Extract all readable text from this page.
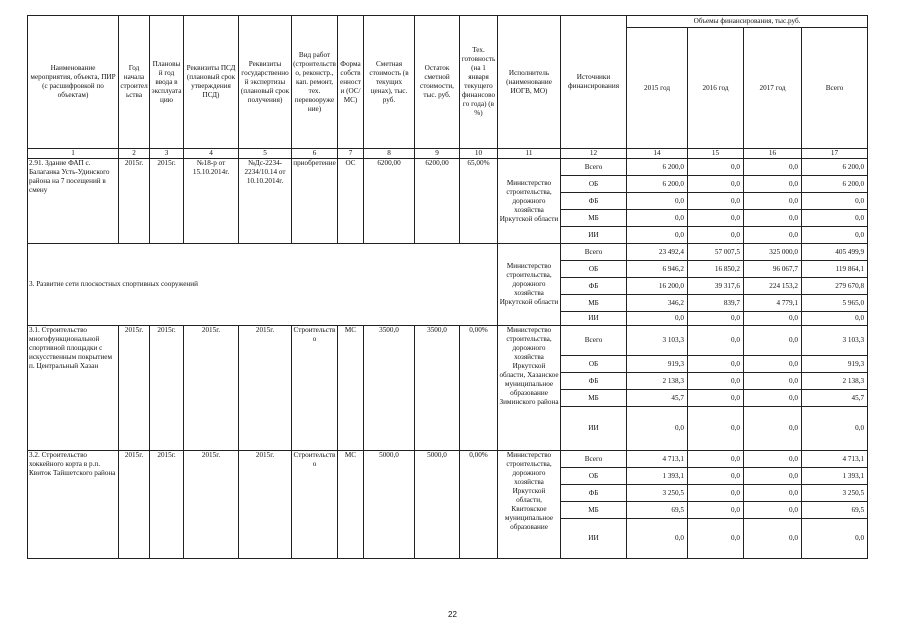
Наименование мероприятия, объекта, ПИР (с расшифровкой по объектам)	Год начала строительства	Плановый год ввода в эксплуатацию	Реквизиты ПСД (плановый срок утверждения ПСД)	Реквизиты государственной экспертизы (плановый срок получения)	Вид работ (строительство, реконстр., кап. ремонт, тех. перевооружение)	Форма собственности (ОС/МС)	Сметная стоимость (в текущих ценах), тыс. руб.	Остаток сметной стоимости, тыс. руб.	Тех. готовность (на 1 января текущего финансового года) (в %)	Исполнитель (наименование ИОГВ, МО)	Источники финансирования	Объемы финансирования, тыс.руб.			
												2015 год	2016 год	2017 год	Всего
1	2	3	4	5	6	7	8	9	10	11	12	14	15	16	17
2.91. Здание ФАП с. Балаганка Усть-Удинского района на 7 посещений в смену	2015г.	2015г.	№18-р от 15.10.2014г.	№Дс-2234-2234/10.14 от 10.10.2014г.	приобретение	ОС	6200,00	6200,00	65,00%	Министерство строительства, дорожного хозяйства Иркутской области	Всего	6 200,0	0,0	0,0	6 200,0
											ОБ	6 200,0	0,0	0,0	6 200,0
											ФБ	0,0	0,0	0,0	0,0
											МБ	0,0	0,0	0,0	0,0
											ИИ	0,0	0,0	0,0	0,0
3. Развитие сети плоскостных спортивных сооружений										Министерство строительства, дорожного хозяйства Иркутской области	Всего	23 492,4	57 007,5	325 000,0	405 499,9
											ОБ	6 946,2	16 850,2	96 067,7	119 864,1
											ФБ	16 200,0	39 317,6	224 153,2	279 670,8
											МБ	346,2	839,7	4 779,1	5 965,0
											ИИ	0,0	0,0	0,0	0,0
3.1. Строительство многофункциональной спортивной площадки с искусственным покрытием п. Центральный Хазан	2015г.	2015г.	2015г.	2015г.	Строительство	МС	3500,0	3500,0	0,00%	Министерство строительства, дорожного хозяйства Иркутской области, Хазанское муниципальное образование Зиминского района	Всего	3 103,3	0,0	0,0	3 103,3
											ОБ	919,3	0,0	0,0	919,3
											ФБ	2 138,3	0,0	0,0	2 138,3
											МБ	45,7	0,0	0,0	45,7
											ИИ	0,0	0,0	0,0	0,0
3.2. Строительство хоккейного корта в р.п. Квиток Тайшетского района	2015г.	2015г.	2015г.	2015г.	Строительство	МС	5000,0	5000,0	0,00%	Министерство строительства, дорожного хозяйства Иркутской области, Квитокское муниципальное образование	Всего	4 713,1	0,0	0,0	4 713,1
											ОБ	1 393,1	0,0	0,0	1 393,1
											ФБ	3 250,5	0,0	0,0	3 250,5
											МБ	69,5	0,0	0,0	69,5
											ИИ	0,0	0,0	0,0	0,0
22
